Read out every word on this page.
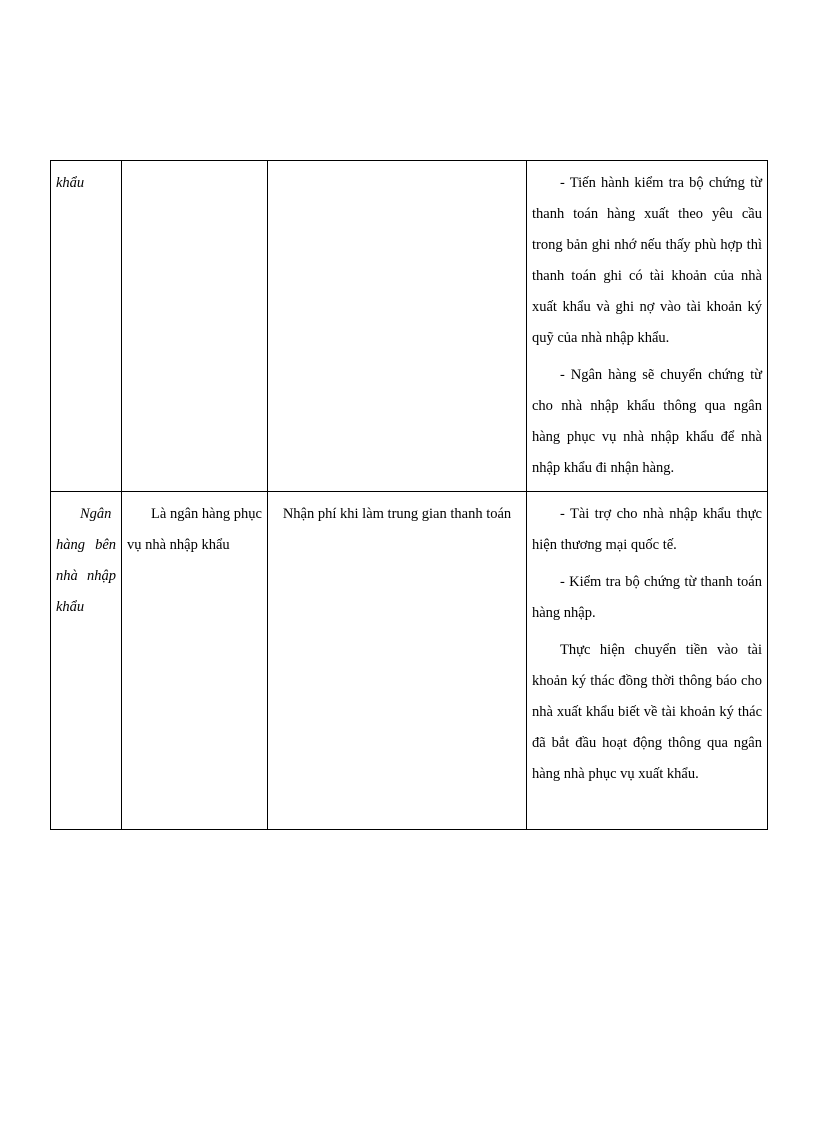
khẩu			- Tiến hành kiểm tra bộ chứng từ thanh toán hàng xuất theo yêu cầu trong bản ghi nhớ nếu thấy phù hợp thì thanh toán ghi có tài khoản của nhà xuất khẩu và ghi nợ vào tài khoản ký quỹ của nhà nhập khẩu.

- Ngân hàng sẽ chuyển chứng từ cho nhà nhập khẩu thông qua ngân hàng phục vụ nhà nhập khẩu để nhà nhập khẩu đi nhận hàng.

Ngân hàng bên nhà nhập khẩu	Là ngân hàng phục vụ nhà nhập khẩu	Nhận phí khi làm trung gian thanh toán	- Tài trợ cho nhà nhập khẩu thực hiện thương mại quốc tế.

- Kiểm tra bộ chứng từ thanh toán hàng nhập.

Thực hiện chuyển tiền vào tài khoản ký thác đồng thời thông báo cho nhà xuất khẩu biết về tài khoản ký thác đã bắt đầu hoạt động thông qua ngân hàng nhà phục vụ xuất khẩu.
